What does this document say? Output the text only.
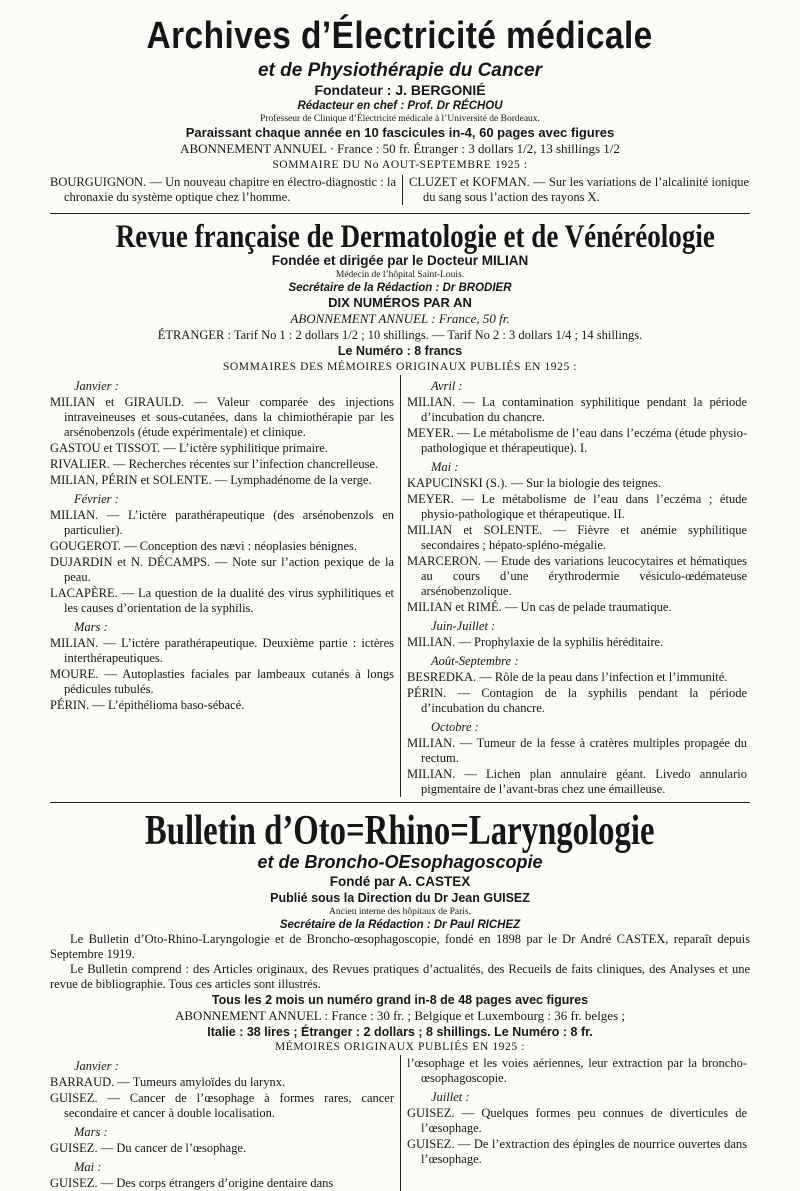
Archives d’Électricité médicale
et de Physiothérapie du Cancer
Fondateur : J. BERGONIÉ
Rédacteur en chef : Prof. Dr RÉCHOU
Professeur de Clinique d’Électricité médicale à l’Université de Bordeaux.
Paraissant chaque année en 10 fascicules in-4, 60 pages avec figures
ABONNEMENT ANNUEL · France : 50 fr. Étranger : 3 dollars 1/2, 13 shillings 1/2
SOMMAIRE DU No AOUT-SEPTEMBRE 1925 :

BOURGUIGNON. — Un nouveau chapitre en électro-diagnostic : la chronaxie du système optique chez l’homme.

CLUZET et KOFMAN. — Sur les variations de l’alcalinité ionique du sang sous l’action des rayons X.

Revue française de Dermatologie et de Vénéréologie
Fondée et dirigée par le Docteur MILIAN
Médecin de l’hôpital Saint-Louis.
Secrétaire de la Rédaction : Dr BRODIER
DIX NUMÉROS PAR AN
ABONNEMENT ANNUEL : France, 50 fr.
ÉTRANGER : Tarif No 1 : 2 dollars 1/2 ; 10 shillings. — Tarif No 2 : 3 dollars 1/4 ; 14 shillings.
Le Numéro : 8 francs
SOMMAIRES DES MÉMOIRES ORIGINAUX PUBLIÉS EN 1925 :

Janvier :

MILIAN et GIRAULD. — Valeur comparée des injections intraveineuses et sous-cutanées, dans la chimiothérapie par les arsénobenzols (étude expérimentale) et clinique.

GASTOU et TISSOT. — L’ictère syphilitique primaire.

RIVALIER. — Recherches récentes sur l’infection chancrelleuse.

MILIAN, PÉRIN et SOLENTE. — Lymphadénome de la verge.

Février :

MILIAN. — L’ictère parathérapeutique (des arsénobenzols en particulier).

GOUGEROT. — Conception des nævi : néoplasies bénignes.

DUJARDIN et N. DÉCAMPS. — Note sur l’action pexique de la peau.

LACAPÈRE. — La question de la dualité des virus syphilitiques et les causes d’orientation de la syphilis.

Mars :

MILIAN. — L’ictère parathérapeutique. Deuxième partie : ictères interthérapeutiques.

MOURE. — Autoplasties faciales par lambeaux cutanés à longs pédicules tubulés.

PÉRIN. — L’épithélioma baso-sébacé.

Avril :

MILIAN. — La contamination syphilitique pendant la période d’incubation du chancre.

MEYER. — Le métabolisme de l’eau dans l’eczéma (étude physio-pathologique et thérapeutique). I.

Mai :

KAPUCINSKI (S.). — Sur la biologie des teignes.

MEYER. — Le métabolisme de l’eau dans l’eczéma ; étude physio-pathologique et thérapeutique. II.

MILIAN et SOLENTE. — Fièvre et anémie syphilitique secondaires ; hépato-spléno-mégalie.

MARCERON. — Etude des variations leucocytaires et hématiques au cours d’une érythrodermie vésiculo-œdémateuse arsénobenzolique.

MILIAN et RIMÉ. — Un cas de pelade traumatique.

Juin-Juillet :

MILIAN. — Prophylaxie de la syphilis héréditaire.

Août-Septembre :

BESREDKA. — Rôle de la peau dans l’infection et l’immunité.

PÉRIN. — Contagion de la syphilis pendant la période d’incubation du chancre.

Octobre :

MILIAN. — Tumeur de la fesse à cratères multiples propagée du rectum.

MILIAN. — Lichen plan annulaire géant. Livedo annulario pigmentaire de l’avant-bras chez une émailleuse.

Bulletin d’Oto=Rhino=Laryngologie
et de Broncho-OEsophagoscopie
Fondé par A. CASTEX
Publié sous la Direction du Dr Jean GUISEZ
Ancien interne des hôpitaux de Paris.
Secrétaire de la Rédaction : Dr Paul RICHEZ
Le Bulletin d’Oto-Rhino-Laryngologie et de Broncho-œsophagoscopie, fondé en 1898 par le Dr André CASTEX, reparaît depuis Septembre 1919.
Le Bulletin comprend : des Articles originaux, des Revues pratiques d’actualités, des Recueils de faits cliniques, des Analyses et une revue de bibliographie. Tous ces articles sont illustrés.
Tous les 2 mois un numéro grand in-8 de 48 pages avec figures
ABONNEMENT ANNUEL : France : 30 fr. ; Belgique et Luxembourg : 36 fr. belges ;
Italie : 38 lires ; Étranger : 2 dollars ; 8 shillings. Le Numéro : 8 fr.
MÉMOIRES ORIGINAUX PUBLIÉS EN 1925 :

Janvier :

BARRAUD. — Tumeurs amyloïdes du larynx.

GUISEZ. — Cancer de l’œsophage à formes rares, cancer secondaire et cancer à double localisation.

Mars :

GUISEZ. — Du cancer de l’œsophage.

Mai :

GUISEZ. — Des corps étrangers d’origine dentaire dans

l’œsophage et les voies aériennes, leur extraction par la broncho-œsophagoscopie.

Juillet :

GUISEZ. — Quelques formes peu connues de diverticules de l’œsophage.

GUISEZ. — De l’extraction des épingles de nourrice ouvertes dans l’œsophage.
